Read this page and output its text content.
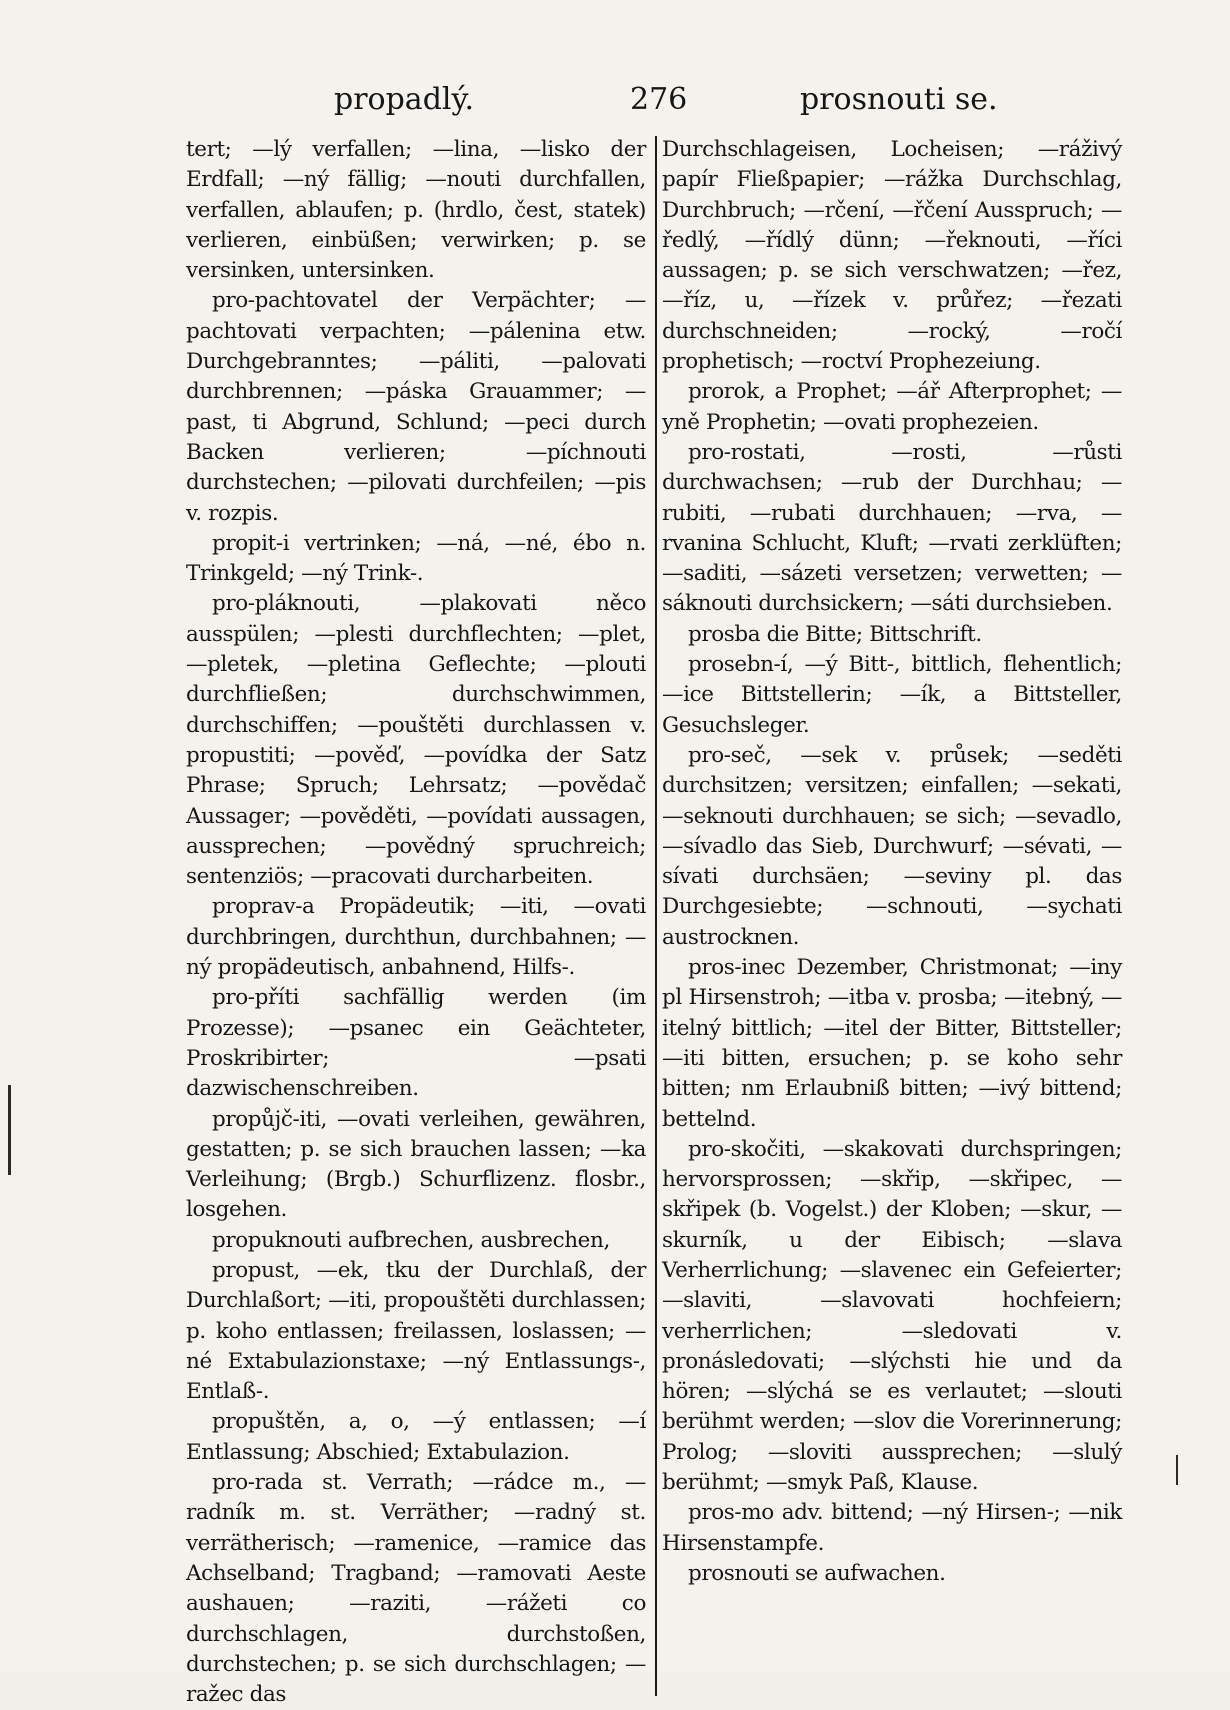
propadlý.	276	prosnouti se.

tert; —lý verfallen; —lina, —lisko der Erdfall; —ný fällig; —nouti durchfallen, verfallen, ablaufen; p. (hrdlo, čest, statek) verlieren, einbüßen; verwirken; p. se versinken, untersinken.

pro-pachtovatel der Verpächter; —pachtovati verpachten; —pálenina etw. Durchgebranntes; —páliti, —palovati durchbrennen; —páska Grauammer; —past, ti Abgrund, Schlund; —peci durch Backen verlieren; —píchnouti durchstechen; —pilovati durchfeilen; —pis v. rozpis.

propit-i vertrinken; —ná, —né, ébo n. Trinkgeld; —ný Trink-.

pro-pláknouti, —plakovati něco ausspülen; —plesti durchflechten; —plet, —pletek, —pletina Geflechte; —plouti durchfließen; durchschwimmen, durchschiffen; —pouštěti durchlassen v. propustiti; —pověď, —povídka der Satz Phrase; Spruch; Lehrsatz; —povědač Aussager; —pověděti, —povídati aussagen, aussprechen; —povědný spruchreich; sentenziös; —pracovati durcharbeiten.

proprav-a Propädeutik; —iti, —ovati durchbringen, durchthun, durchbahnen; —ný propädeutisch, anbahnend, Hilfs-.

pro-příti sachfällig werden (im Prozesse); —psanec ein Geächteter, Proskribirter; —psati dazwischenschreiben.

propůjč-iti, —ovati verleihen, gewähren, gestatten; p. se sich brauchen lassen; —ka Verleihung; (Brgb.) Schurflizenz. flosbr., losgehen.

propuknouti aufbrechen, ausbrechen,

propust, —ek, tku der Durchlaß, der Durchlaßort; —iti, propouštěti durchlassen; p. koho entlassen; freilassen, loslassen; —né Extabulazionstaxe; —ný Entlassungs-, Entlaß-.

propuštěn, a, o, —ý entlassen; —í Entlassung; Abschied; Extabulazion.

pro-rada st. Verrath; —rádce m., —radník m. st. Verräther; —radný st. verrätherisch; —ramenice, —ramice das Achselband; Tragband; —ramovati Aeste aushauen; —raziti, —rážeti co durchschlagen, durchstoßen, durchstechen; p. se sich durchschlagen; —ražec das

Durchschlageisen, Locheisen; —ráživý papír Fließpapier; —rážka Durchschlag, Durchbruch; —rčení, —řčení Ausspruch; —ředlý, —řídlý dünn; —řeknouti, —říci aussagen; p. se sich verschwatzen; —řez, —říz, u, —řízek v. průřez; —řezati durchschneiden; —rocký, —ročí prophetisch; —roctví Prophezeiung.

prorok, a Prophet; —ář Afterprophet; —yně Prophetin; —ovati prophezeien.

pro-rostati, —rosti, —růsti durchwachsen; —rub der Durchhau; —rubiti, —rubati durchhauen; —rva, —rvanina Schlucht, Kluft; —rvati zerklüften; —saditi, —sázeti versetzen; verwetten; —sáknouti durchsickern; —sáti durchsieben.

prosba die Bitte; Bittschrift.

prosebn-í, —ý Bitt-, bittlich, flehentlich; —ice Bittstellerin; —ík, a Bittsteller, Gesuchsleger.

pro-seč, —sek v. průsek; —seděti durchsitzen; versitzen; einfallen; —sekati, —seknouti durchhauen; se sich; —sevadlo, —sívadlo das Sieb, Durchwurf; —sévati, —sívati durchsäen; —seviny pl. das Durchgesiebte; —schnouti, —sychati austrocknen.

pros-inec Dezember, Christmonat; —iny pl Hirsenstroh; —itba v. prosba; —itebný, —itelný bittlich; —itel der Bitter, Bittsteller; —iti bitten, ersuchen; p. se koho sehr bitten; nm Erlaubniß bitten; —ivý bittend; bettelnd.

pro-skočiti, —skakovati durchspringen; hervorsprossen; —skřip, —skřipec, —skřipek (b. Vogelst.) der Kloben; —skur, —skurník, u der Eibisch; —slava Verherrlichung; —slavenec ein Gefeierter; —slaviti, —slavovati hochfeiern; verherrlichen; —sledovati v. pronásledovati; —slýchsti hie und da hören; —slýchá se es verlautet; —slouti berühmt werden; —slov die Vorerinnerung; Prolog; —sloviti aussprechen; —slulý berühmt; —smyk Paß, Klause.

pros-mo adv. bittend; —ný Hirsen-; —nik Hirsenstampfe.

prosnouti se aufwachen.
